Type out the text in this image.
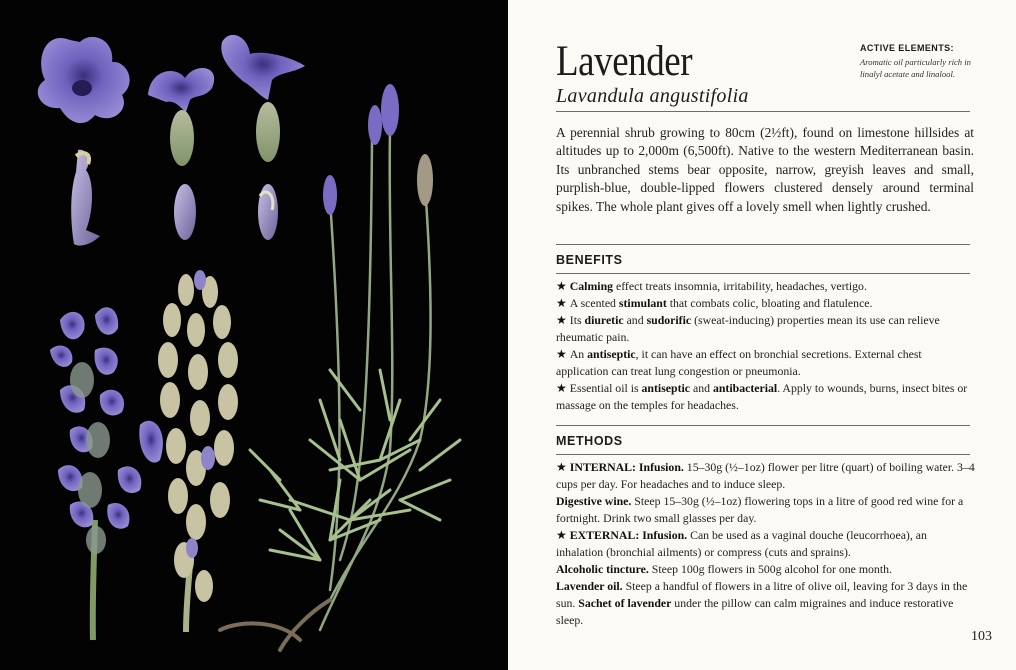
Lavender
Lavandula angustifolia
ACTIVE ELEMENTS:
Aromatic oil particularly rich in linalyl acetate and linalool.
A perennial shrub growing to 80cm (2½ft), found on limestone hillsides at altitudes up to 2,000m (6,500ft). Native to the western Mediterranean basin. Its unbranched stems bear opposite, narrow, greyish leaves and small, purplish-blue, double-lipped flowers clustered densely around terminal spikes. The whole plant gives off a lovely smell when lightly crushed.
BENEFITS

★ Calming effect treats insomnia, irritability, headaches, vertigo.

★ A scented stimulant that combats colic, bloating and flatulence.

★ Its diuretic and sudorific (sweat-inducing) properties mean its use can relieve rheumatic pain.

★ An antiseptic, it can have an effect on bronchial secretions. External chest application can treat lung congestion or pneumonia.

★ Essential oil is antiseptic and antibacterial. Apply to wounds, burns, insect bites or massage on the temples for headaches.

METHODS

★ INTERNAL: Infusion. 15–30g (½–1oz) flower per litre (quart) of boiling water. 3–4 cups per day. For headaches and to induce sleep.

Digestive wine. Steep 15–30g (½–1oz) flowering tops in a litre of good red wine for a fortnight. Drink two small glasses per day.

★ EXTERNAL: Infusion. Can be used as a vaginal douche (leucorrhoea), an inhalation (bronchial ailments) or compress (cuts and sprains).

Alcoholic tincture. Steep 100g flowers in 500g alcohol for one month.

Lavender oil. Steep a handful of flowers in a litre of olive oil, leaving for 3 days in the sun. Sachet of lavender under the pillow can calm migraines and induce restorative sleep.

103
